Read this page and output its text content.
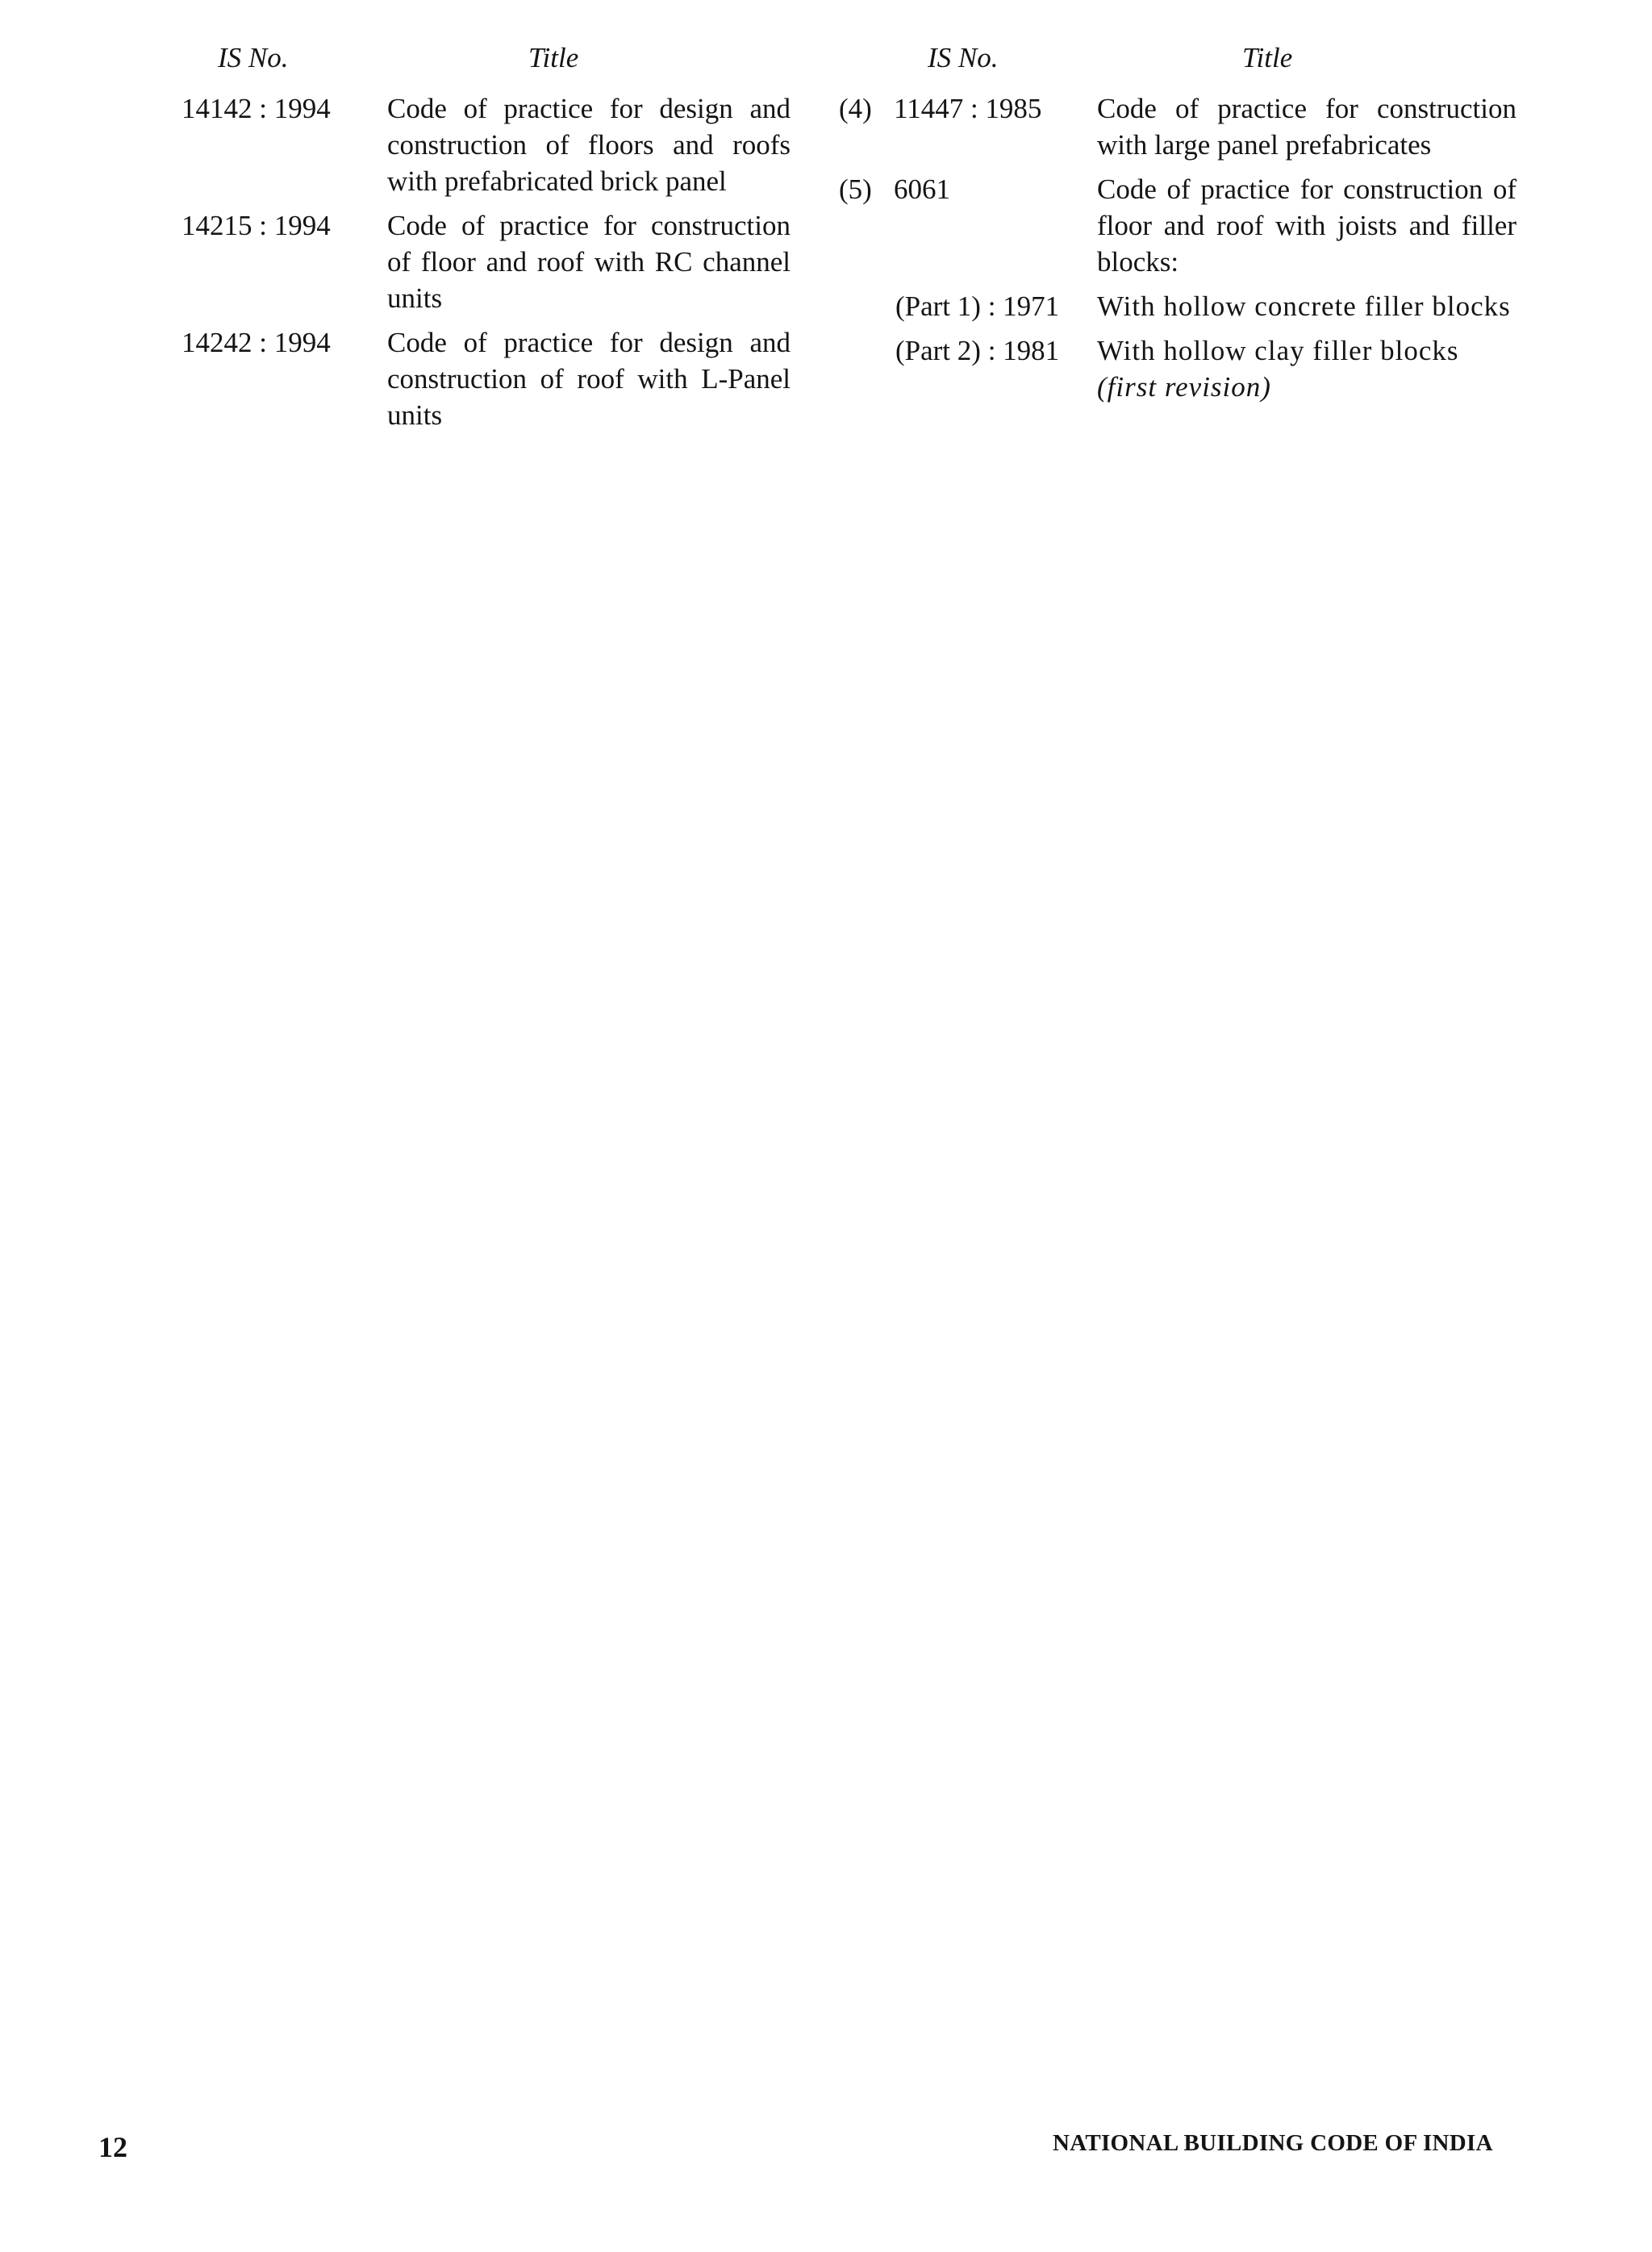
IS No.	Title
14142 : 1994 Code of practice for design and construction of floors and roofs with prefabricated brick panel
14215 : 1994 Code of practice for construction of floor and roof with RC channel units
14242 : 1994 Code of practice for design and construction of roof with L-Panel units
IS No.	Title
(4) 11447 : 1985 Code of practice for construction with large panel prefabricates
(5) 6061	Code of practice for construction of floor and roof with joists and filler blocks:
(Part 1) : 1971 With hollow concrete filler blocks
(Part 2) : 1981 With hollow clay filler blocks
(first revision)
12	NATIONAL BUILDING CODE OF INDIA
